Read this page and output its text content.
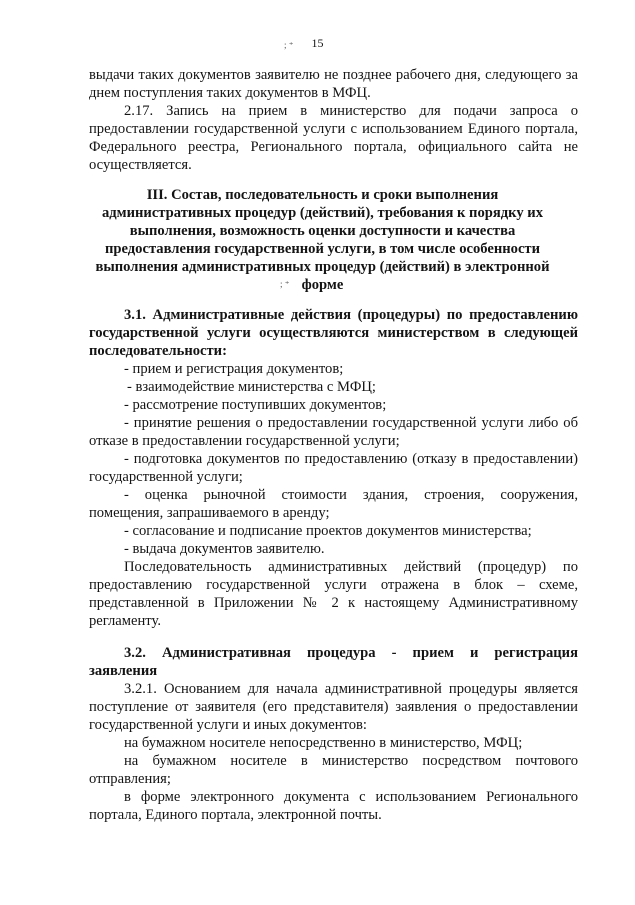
15
; ⁺
выдачи таких документов заявителю не позднее рабочего дня, следующего за
днем поступления таких документов в МФЦ.
2.17. Запись на прием в министерство для подачи запроса о
предоставлении государственной услуги с использованием Единого портала,
Федерального реестра, Регионального портала, официального сайта не
осуществляется.
III. Состав, последовательность и сроки выполнения
административных процедур (действий), требования к порядку их
выполнения, возможность оценки доступности и качества
предоставления государственной услуги, в том числе особенности
выполнения административных процедур (действий) в электронной
форме
; ⁺
3.1. Административные действия (процедуры) по предоставлению
государственной услуги осуществляются министерством в следующей
последовательности:
- прием и регистрация документов;
- взаимодействие министерства с МФЦ;
- рассмотрение поступивших документов;
- принятие решения о предоставлении государственной услуги либо об
отказе в предоставлении государственной услуги;
- подготовка документов по предоставлению (отказу в предоставлении)
государственной услуги;
- оценка рыночной стоимости здания, строения, сооружения,
помещения, запрашиваемого в аренду;
- согласование и подписание проектов документов министерства;
- выдача документов заявителю.
Последовательность административных действий (процедур) по
предоставлению государственной услуги отражена в блок – схеме,
представленной в Приложении № 2 к настоящему Административному
регламенту.
3.2. Административная процедура - прием и регистрация
заявления
3.2.1. Основанием для начала административной процедуры является
поступление от заявителя (его представителя) заявления о предоставлении
государственной услуги и иных документов:
на бумажном носителе непосредственно в министерство, МФЦ;
на бумажном носителе в министерство посредством почтового
отправления;
в форме электронного документа с использованием Регионального
портала, Единого портала, электронной почты.
